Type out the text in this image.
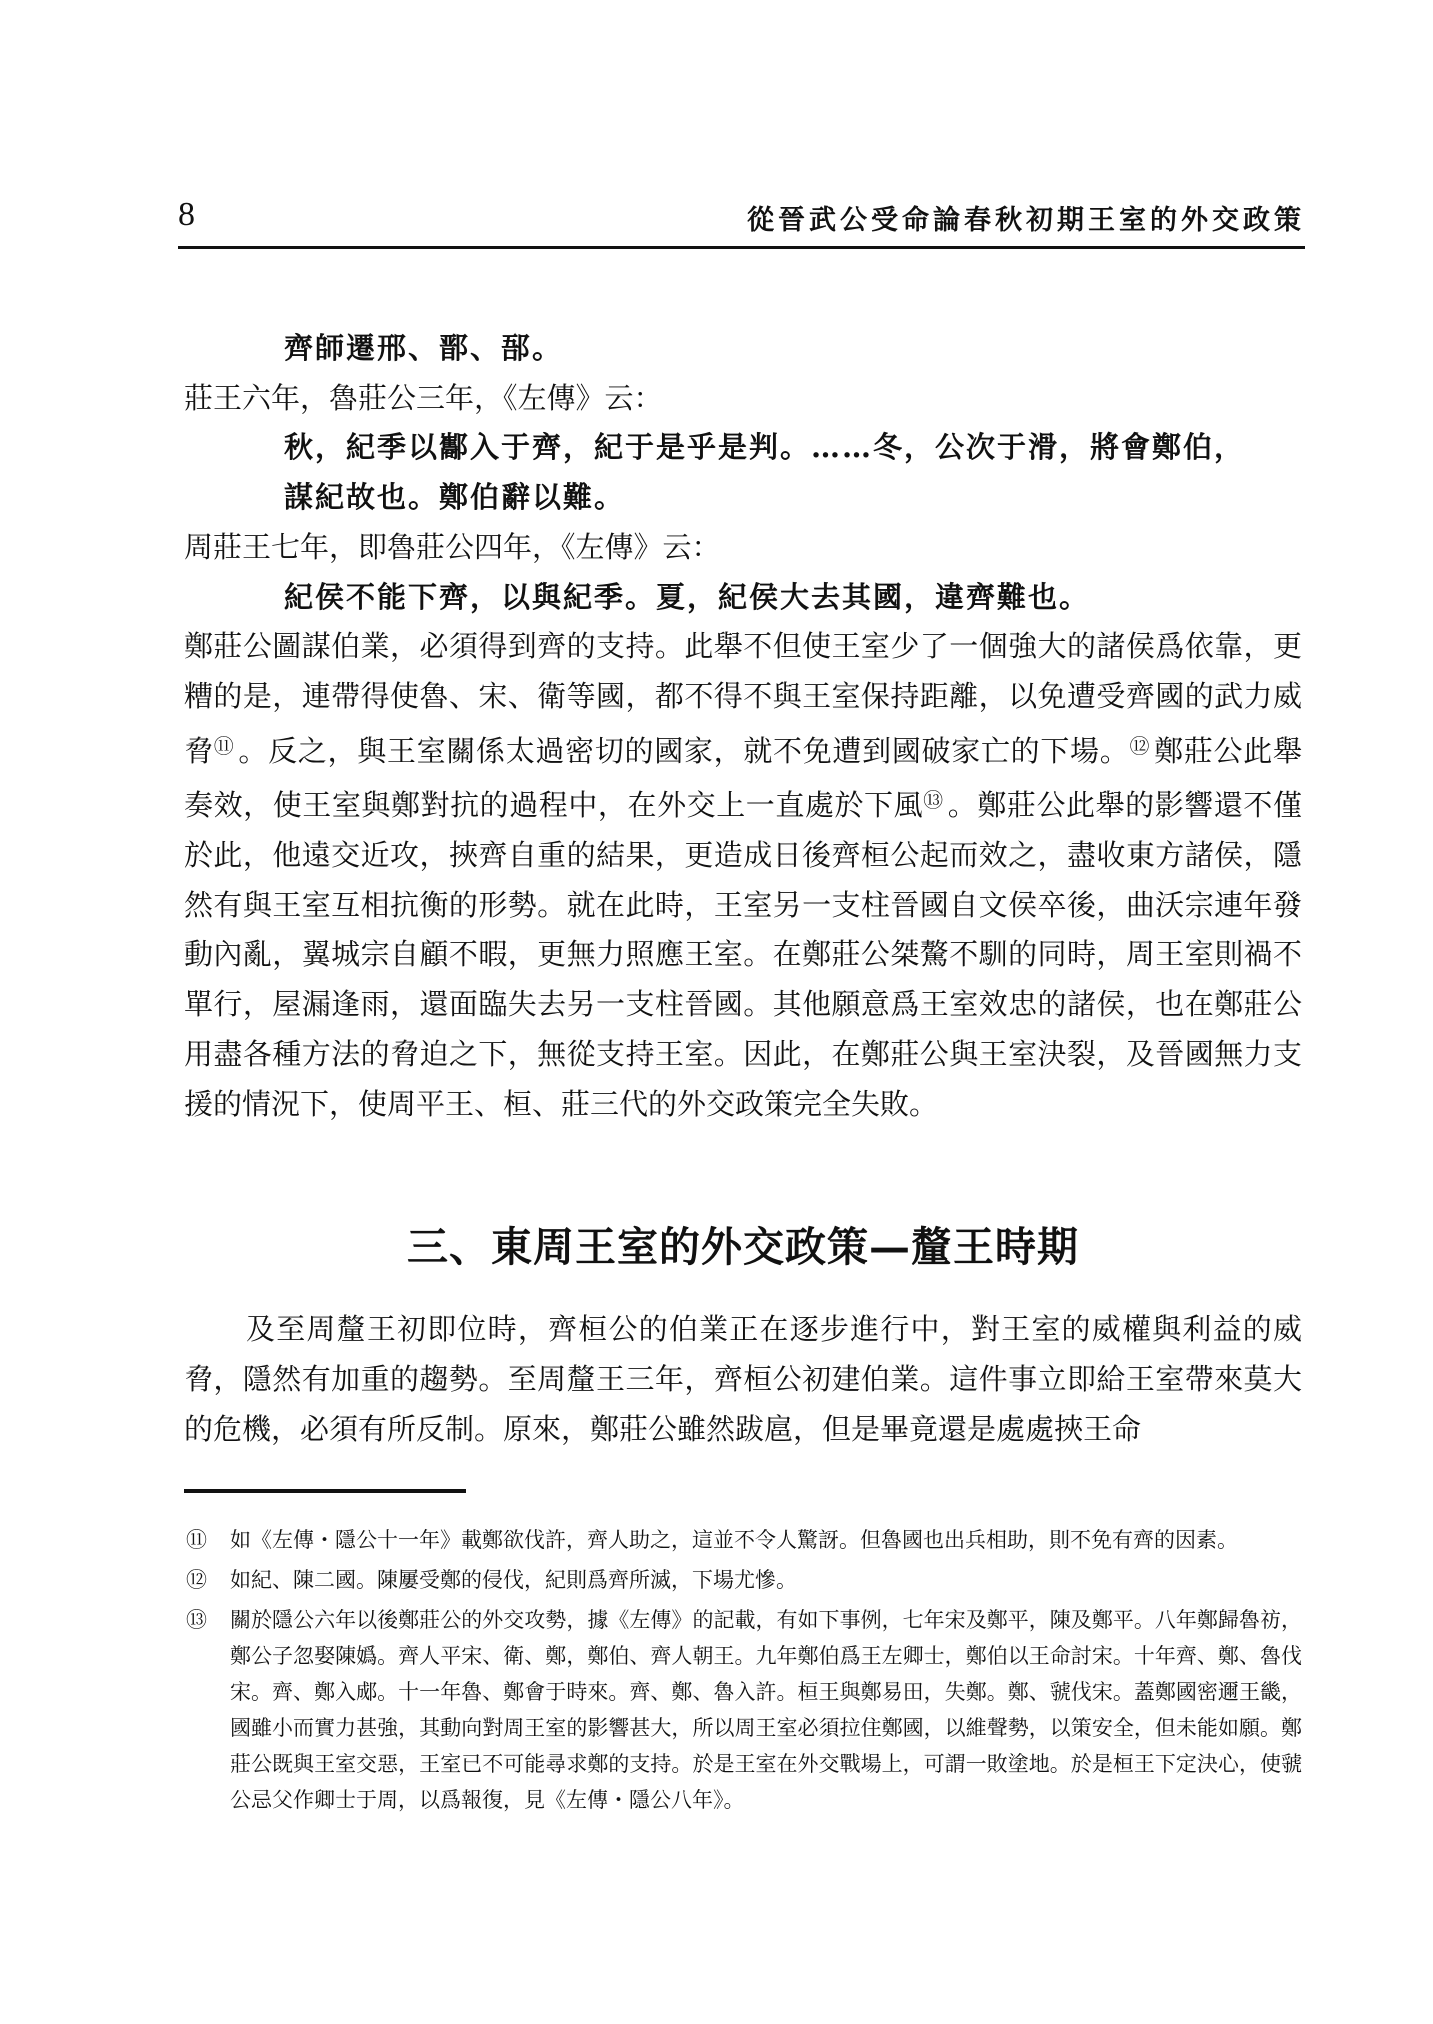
8	從晉武公受命論春秋初期王室的外交政策

齊師遷邢、鄑、郚。

莊王六年，魯莊公三年，《左傳》云：

秋，紀季以酅入于齊，紀于是乎是判。……冬，公次于滑，將會鄭伯，

謀紀故也。鄭伯辭以難。

周莊王七年，即魯莊公四年，《左傳》云：

紀侯不能下齊，以與紀季。夏，紀侯大去其國，違齊難也。

鄭莊公圖謀伯業，必須得到齊的支持。此舉不但使王室少了一個強大的諸侯爲依靠，更糟的是，連帶得使魯、宋、衛等國，都不得不與王室保持距離，以免遭受齊國的武力威脅⑪ 。反之，與王室關係太過密切的國家，就不免遭到國破家亡的下場。⑫ 鄭莊公此舉奏效，使王室與鄭對抗的過程中，在外交上一直處於下風⑬ 。鄭莊公此舉的影響還不僅於此，他遠交近攻，挾齊自重的結果，更造成日後齊桓公起而效之，盡收東方諸侯，隱然有與王室互相抗衡的形勢。就在此時，王室另一支柱晉國自文侯卒後，曲沃宗連年發動內亂，翼城宗自顧不暇，更無力照應王室。在鄭莊公桀驁不馴的同時，周王室則禍不單行，屋漏逢雨，還面臨失去另一支柱晉國。其他願意爲王室效忠的諸侯，也在鄭莊公用盡各種方法的脅迫之下，無從支持王室。因此，在鄭莊公與王室決裂，及晉國無力支援的情況下，使周平王、桓、莊三代的外交政策完全失敗。

三、東周王室的外交政策—釐王時期

及至周釐王初即位時，齊桓公的伯業正在逐步進行中，對王室的威權與利益的威脅，隱然有加重的趨勢。至周釐王三年，齊桓公初建伯業。這件事立即給王室帶來莫大的危機，必須有所反制。原來，鄭莊公雖然跋扈，但是畢竟還是處處挾王命

⑪ 如《左傳・隱公十一年》載鄭欲伐許，齊人助之，這並不令人驚訝。但魯國也出兵相助，則不免有齊的因素。
⑫ 如紀、陳二國。陳屢受鄭的侵伐，紀則爲齊所滅，下場尤慘。
⑬ 關於隱公六年以後鄭莊公的外交攻勢，據《左傳》的記載，有如下事例，七年宋及鄭平，陳及鄭平。八年鄭歸魯祊，鄭公子忽娶陳嬀。齊人平宋、衛、鄭，鄭伯、齊人朝王。九年鄭伯爲王左卿士，鄭伯以王命討宋。十年齊、鄭、魯伐宋。齊、鄭入郕。十一年魯、鄭會于時來。齊、鄭、魯入許。桓王與鄭易田，失鄭。鄭、虢伐宋。蓋鄭國密邇王畿，國雖小而實力甚強，其動向對周王室的影響甚大，所以周王室必須拉住鄭國，以維聲勢，以策安全，但未能如願。鄭莊公既與王室交惡，王室已不可能尋求鄭的支持。於是王室在外交戰場上，可謂一敗塗地。於是桓王下定決心，使虢公忌父作卿士于周，以爲報復，見《左傳・隱公八年》。
